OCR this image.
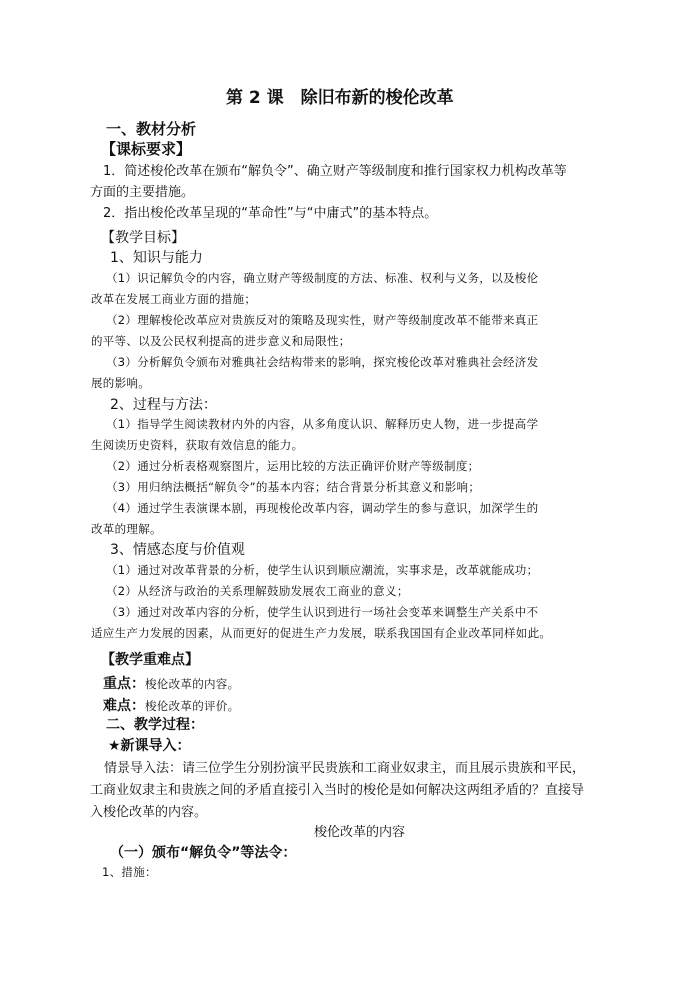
第 2 课　除旧布新的梭伦改革
一、教材分析
【课标要求】
1．简述梭伦改革在颁布“解负令”、确立财产等级制度和推行国家权力机构改革等
方面的主要措施。
2．指出梭伦改革呈现的“革命性”与“中庸式”的基本特点。
【教学目标】
1、知识与能力
（1）识记解负令的内容，确立财产等级制度的方法、标准、权利与义务，以及梭伦
改革在发展工商业方面的措施；
（2）理解梭伦改革应对贵族反对的策略及现实性，财产等级制度改革不能带来真正
的平等、以及公民权利提高的进步意义和局限性；
（3）分析解负令颁布对雅典社会结构带来的影响，探究梭伦改革对雅典社会经济发
展的影响。
2、过程与方法：
（1）指导学生阅读教材内外的内容，从多角度认识、解释历史人物，进一步提高学
生阅读历史资料，获取有效信息的能力。
（2）通过分析表格观察图片，运用比较的方法正确评价财产等级制度；
（3）用归纳法概括“解负令”的基本内容；结合背景分析其意义和影响；
（4）通过学生表演课本剧，再现梭伦改革内容，调动学生的参与意识，加深学生的
改革的理解。
3、情感态度与价值观
（1）通过对改革背景的分析，使学生认识到顺应潮流，实事求是，改革就能成功；
（2）从经济与政治的关系理解鼓励发展农工商业的意义；
（3）通过对改革内容的分析，使学生认识到进行一场社会变革来调整生产关系中不
适应生产力发展的因素，从而更好的促进生产力发展，联系我国国有企业改革同样如此。
【教学重难点】
重点：梭伦改革的内容。
难点：梭伦改革的评价。
二、教学过程：
★新课导入：
情景导入法：请三位学生分别扮演平民贵族和工商业奴隶主，而且展示贵族和平民，
工商业奴隶主和贵族之间的矛盾直接引入当时的梭伦是如何解决这两组矛盾的？直接导
入梭伦改革的内容。
梭伦改革的内容
（一）颁布“解负令”等法令：
1、措施：
